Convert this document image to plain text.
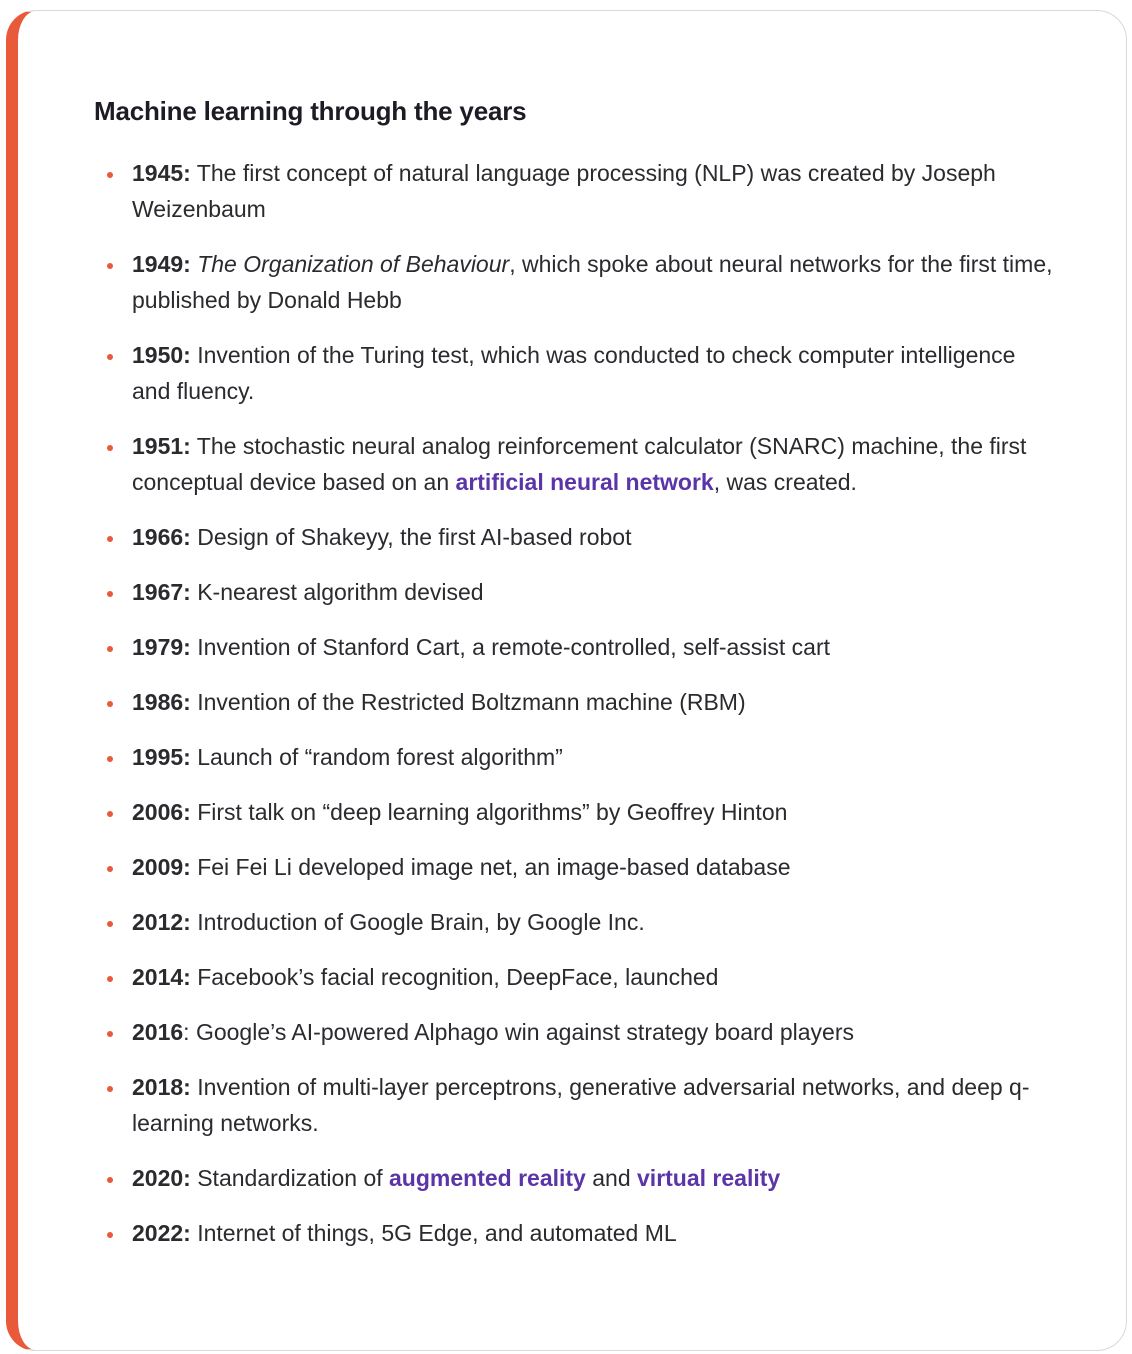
Machine learning through the years
1945: The first concept of natural language processing (NLP) was created by Joseph Weizenbaum
1949: The Organization of Behaviour, which spoke about neural networks for the first time, published by Donald Hebb
1950: Invention of the Turing test, which was conducted to check computer intelligence and fluency.
1951: The stochastic neural analog reinforcement calculator (SNARC) machine, the first conceptual device based on an artificial neural network, was created.
1966: Design of Shakeyy, the first AI-based robot
1967: K-nearest algorithm devised
1979: Invention of Stanford Cart, a remote-controlled, self-assist cart
1986: Invention of the Restricted Boltzmann machine (RBM)
1995: Launch of “random forest algorithm”
2006: First talk on “deep learning algorithms” by Geoffrey Hinton
2009: Fei Fei Li developed image net, an image-based database
2012: Introduction of Google Brain, by Google Inc.
2014: Facebook’s facial recognition, DeepFace, launched
2016: Google’s AI-powered Alphago win against strategy board players
2018: Invention of multi-layer perceptrons, generative adversarial networks, and deep q-learning networks.
2020: Standardization of augmented reality and virtual reality
2022: Internet of things, 5G Edge, and automated ML
